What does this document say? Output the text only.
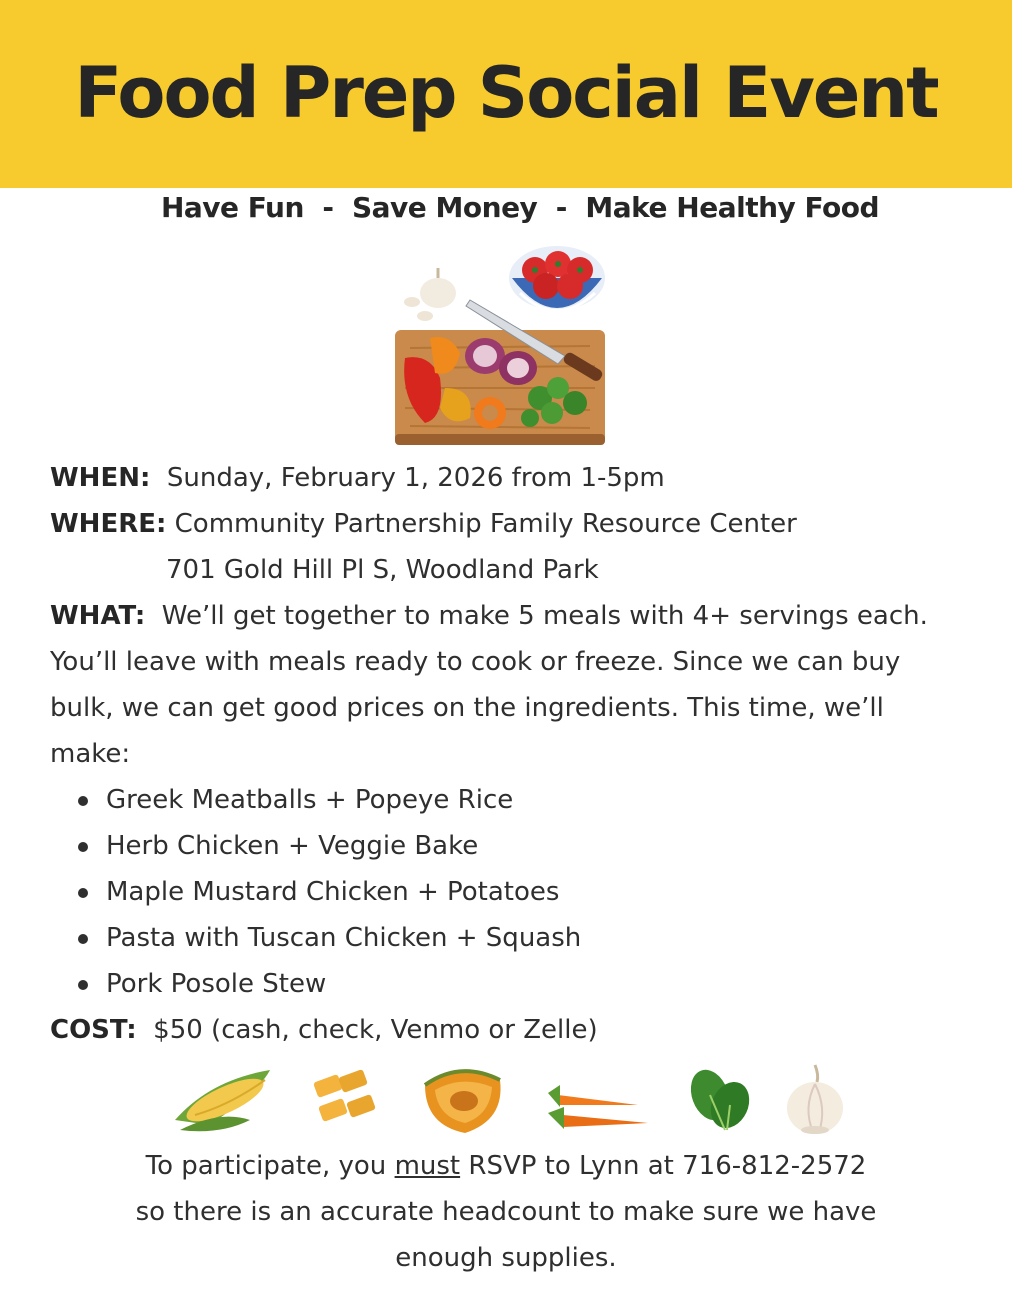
Food Prep Social Event
Have Fun  -  Save Money  -  Make Healthy Food
WHEN: Sunday, February 1, 2026 from 1-5pm
WHERE: Community Partnership Family Resource Center
701 Gold Hill Pl S, Woodland Park
WHAT: We’ll get together to make 5 meals with 4+ servings each. You’ll leave with meals ready to cook or freeze. Since we can buy bulk, we can get good prices on the ingredients. This time, we’ll make:
Greek Meatballs + Popeye Rice
Herb Chicken + Veggie Bake
Maple Mustard Chicken + Potatoes
Pasta with Tuscan Chicken + Squash
Pork Posole Stew
COST: $50 (cash, check, Venmo or Zelle)
To participate, you must RSVP to Lynn at 716-812-2572
so there is an accurate headcount to make sure we have
enough supplies.
